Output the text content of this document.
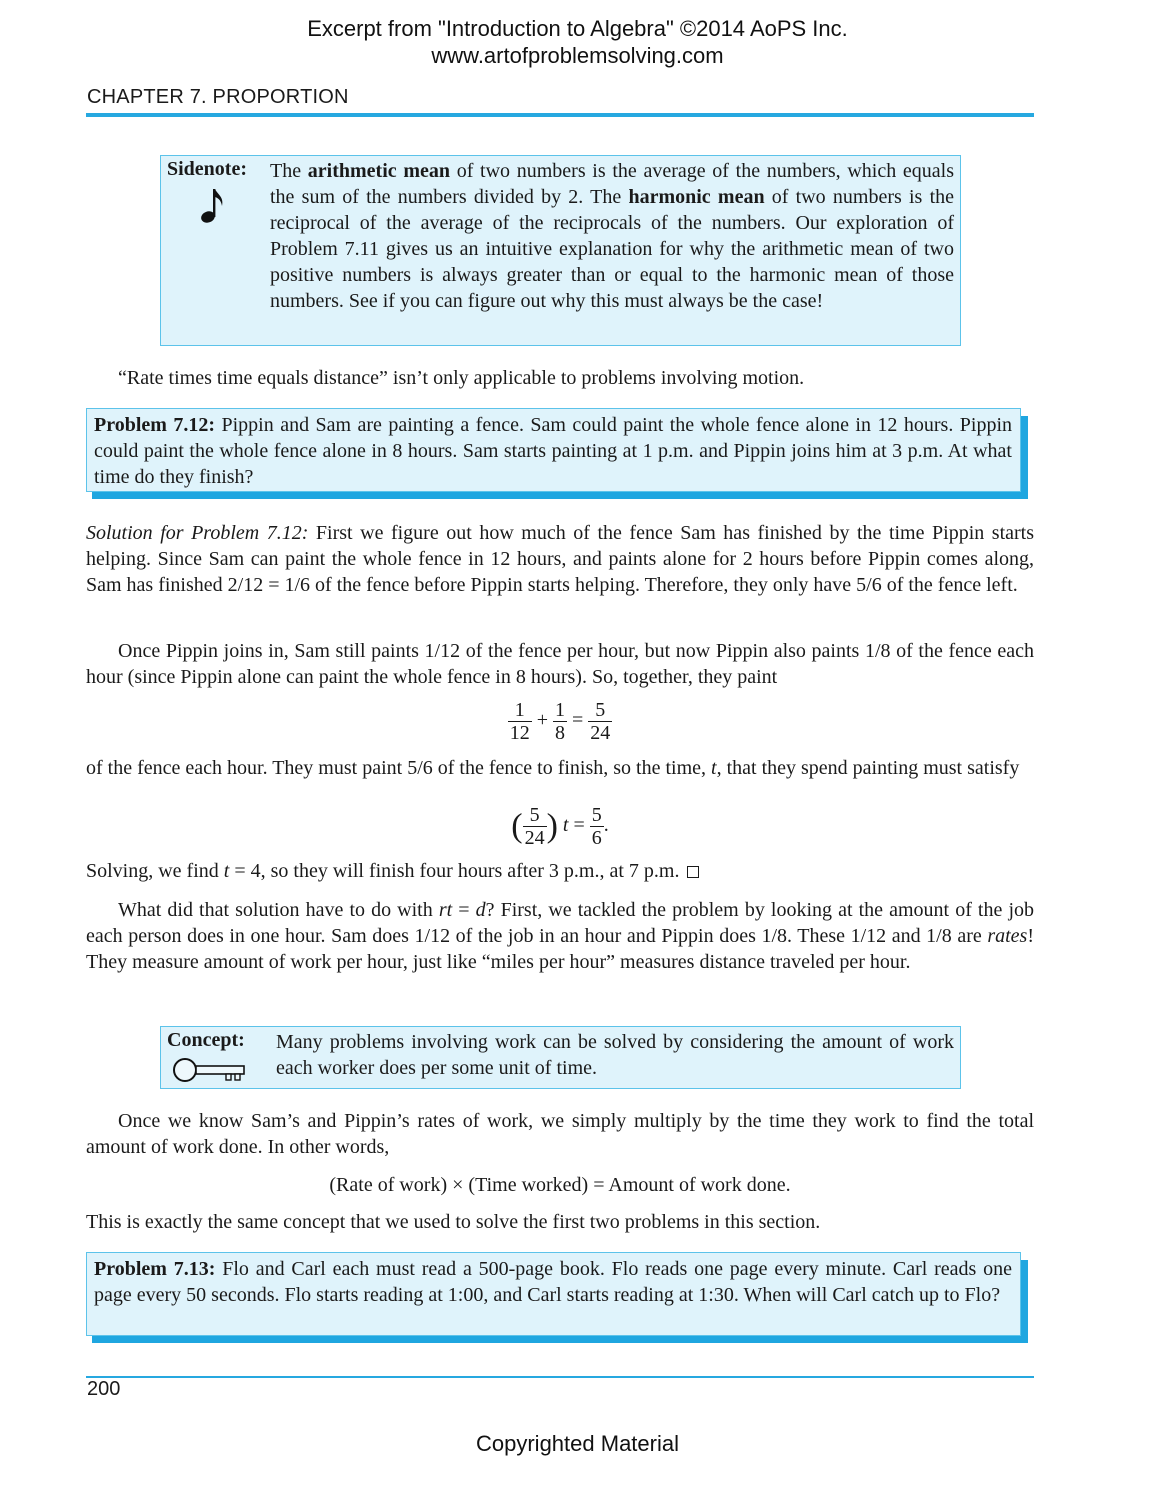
Excerpt from "Introduction to Algebra" ©2014 AoPS Inc.
www.artofproblemsolving.com
CHAPTER 7. PROPORTION
Sidenote: The arithmetic mean of two numbers is the average of the numbers, which equals the sum of the numbers divided by 2. The harmonic mean of two numbers is the reciprocal of the average of the reciprocals of the numbers. Our exploration of Problem 7.11 gives us an intuitive explanation for why the arithmetic mean of two positive numbers is always greater than or equal to the harmonic mean of those numbers. See if you can figure out why this must always be the case!
“Rate times time equals distance” isn’t only applicable to problems involving motion.
Problem 7.12: Pippin and Sam are painting a fence. Sam could paint the whole fence alone in 12 hours. Pippin could paint the whole fence alone in 8 hours. Sam starts painting at 1 p.m. and Pippin joins him at 3 p.m. At what time do they finish?
Solution for Problem 7.12: First we figure out how much of the fence Sam has finished by the time Pippin starts helping. Since Sam can paint the whole fence in 12 hours, and paints alone for 2 hours before Pippin comes along, Sam has finished 2/12 = 1/6 of the fence before Pippin starts helping. Therefore, they only have 5/6 of the fence left.
Once Pippin joins in, Sam still paints 1/12 of the fence per hour, but now Pippin also paints 1/8 of the fence each hour (since Pippin alone can paint the whole fence in 8 hours). So, together, they paint
$\frac{1}{12} + \frac{1}{8} = \frac{5}{24}$
of the fence each hour. They must paint 5/6 of the fence to finish, so the time, t, that they spend painting must satisfy
( $\frac{5}{24}$ ) $t = \frac{5}{6}$ .
Solving, we find t = 4, so they will finish four hours after 3 p.m., at 7 p.m.
What did that solution have to do with rt = d? First, we tackled the problem by looking at the amount of the job each person does in one hour. Sam does 1/12 of the job in an hour and Pippin does 1/8. These 1/12 and 1/8 are rates! They measure amount of work per hour, just like “miles per hour” measures distance traveled per hour.
Concept: Many problems involving work can be solved by considering the amount of work each worker does per some unit of time.
Once we know Sam’s and Pippin’s rates of work, we simply multiply by the time they work to find the total amount of work done. In other words,
(Rate of work) × (Time worked) = Amount of work done.
This is exactly the same concept that we used to solve the first two problems in this section.
Problem 7.13: Flo and Carl each must read a 500-page book. Flo reads one page every minute. Carl reads one page every 50 seconds. Flo starts reading at 1:00, and Carl starts reading at 1:30. When will Carl catch up to Flo?
200
Copyrighted Material
